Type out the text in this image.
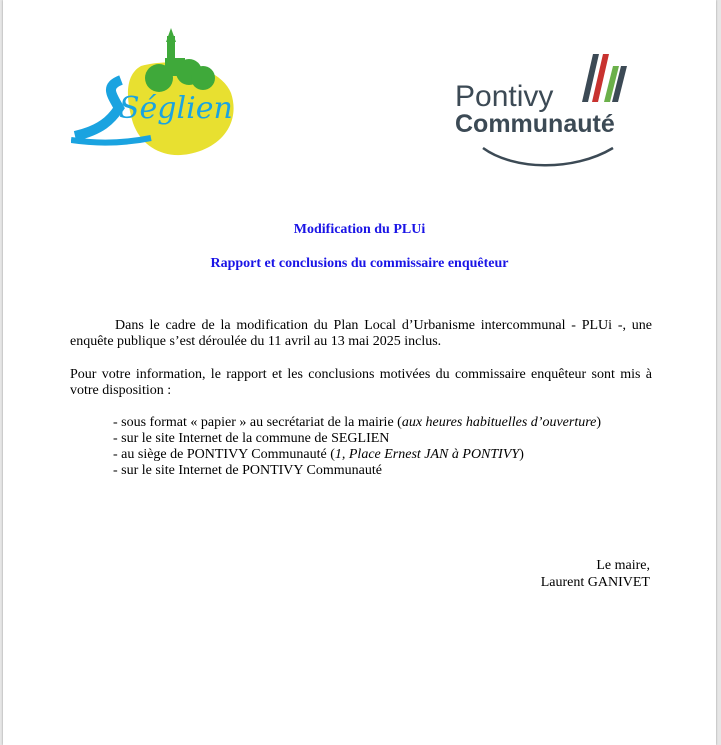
Séglien	Pontivy
Communauté
Modification du PLUi
Rapport et conclusions du commissaire enquêteur
Dans le cadre de la modification du Plan Local d’Urbanisme intercommunal - PLUi -, une enquête publique s’est déroulée du 11 avril au 13 mai 2025 inclus.
Pour votre information, le rapport et les conclusions motivées du commissaire enquêteur sont mis à votre disposition :
- sous format « papier » au secrétariat de la mairie (aux heures habituelles d’ouverture)
- sur le site Internet de la commune de SEGLIEN
- au siège de PONTIVY Communauté (1, Place Ernest JAN à PONTIVY)
- sur le site Internet de PONTIVY Communauté
Le maire,
Laurent GANIVET
